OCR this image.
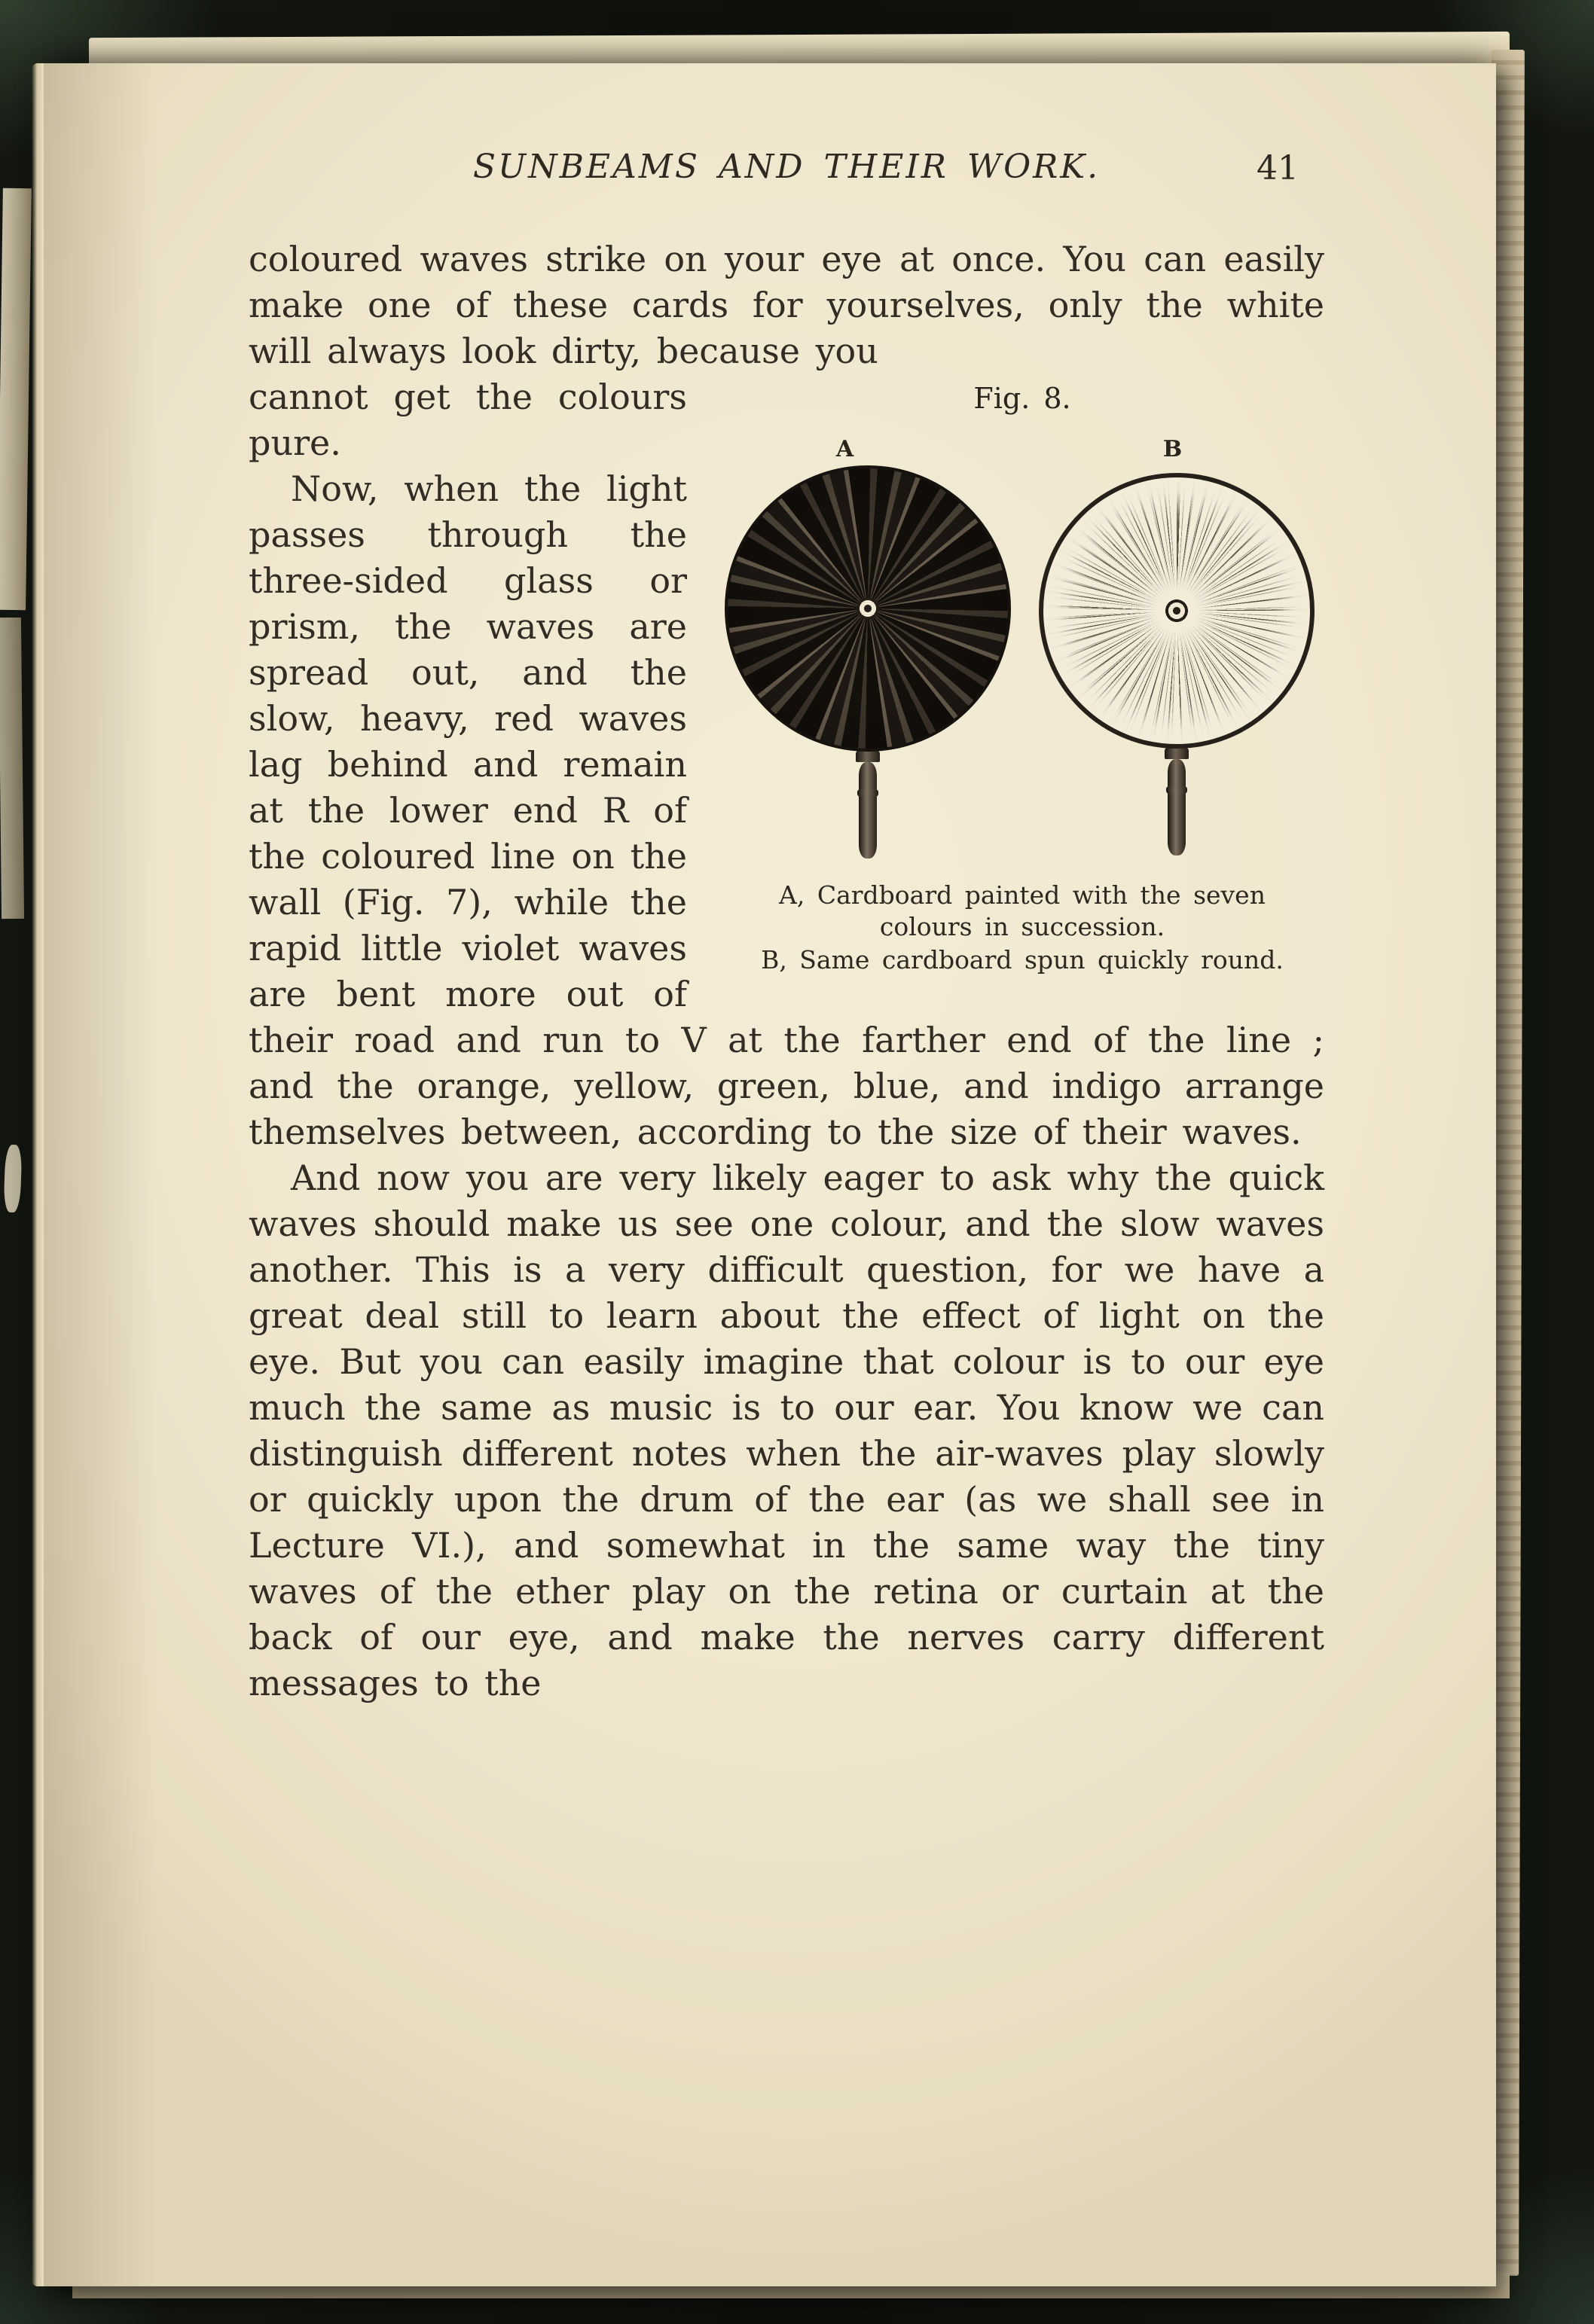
SUNBEAMS AND THEIR WORK.	41

coloured waves strike on your eye at once. You can easily make one of these cards for yourselves, only the white will always look dirty, because you

Fig. 8.
A	B
A, Cardboard painted with the seven colours in succession.
B, Same cardboard spun quickly round.

cannot get the colours pure.

Now, when the light passes through the three-sided glass or prism, the waves are spread out, and the slow, heavy, red waves lag behind and remain at the lower end R of the coloured line on the wall (Fig. 7), while the rapid little violet waves are bent more out of their road and run to V at the farther end of the line ; and the orange, yellow, green, blue, and indigo arrange themselves between, according to the size of their waves.

And now you are very likely eager to ask why the quick waves should make us see one colour, and the slow waves another. This is a very difficult question, for we have a great deal still to learn about the effect of light on the eye. But you can easily imagine that colour is to our eye much the same as music is to our ear. You know we can distinguish different notes when the air-waves play slowly or quickly upon the drum of the ear (as we shall see in Lecture VI.), and somewhat in the same way the tiny waves of the ether play on the retina or curtain at the back of our eye, and make the nerves carry different messages to the
